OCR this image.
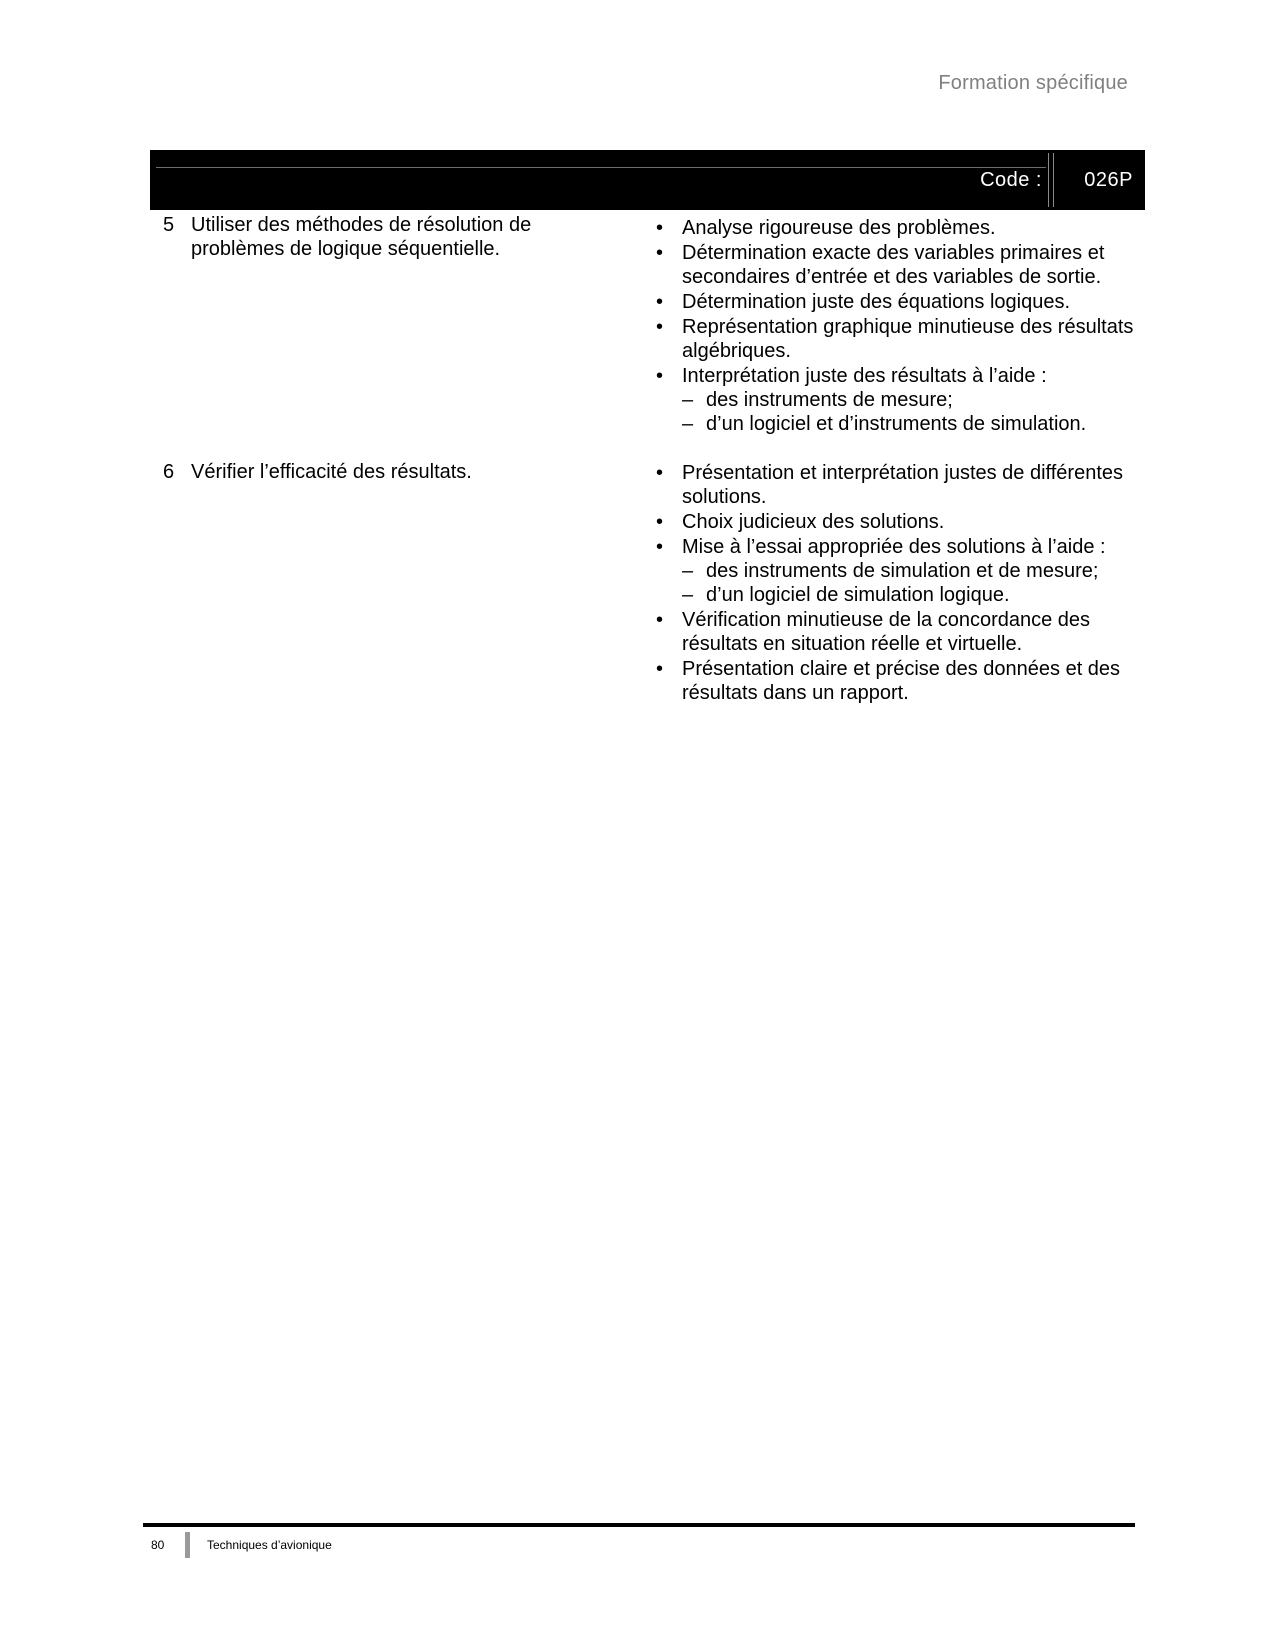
Formation spécifique
Code : 026P
5 Utiliser des méthodes de résolution de problèmes de logique séquentielle.
• Analyse rigoureuse des problèmes.
• Détermination exacte des variables primaires et secondaires d’entrée et des variables de sortie.
• Détermination juste des équations logiques.
• Représentation graphique minutieuse des résultats algébriques.
• Interprétation juste des résultats à l’aide :
– des instruments de mesure;
– d’un logiciel et d’instruments de simulation.
6 Vérifier l’efficacité des résultats.	• Présentation et interprétation justes de différentes solutions.
• Choix judicieux des solutions.
• Mise à l’essai appropriée des solutions à l’aide :
– des instruments de simulation et de mesure;
– d’un logiciel de simulation logique.
• Vérification minutieuse de la concordance des résultats en situation réelle et virtuelle.
• Présentation claire et précise des données et des résultats dans un rapport.
80	Techniques d’avionique
